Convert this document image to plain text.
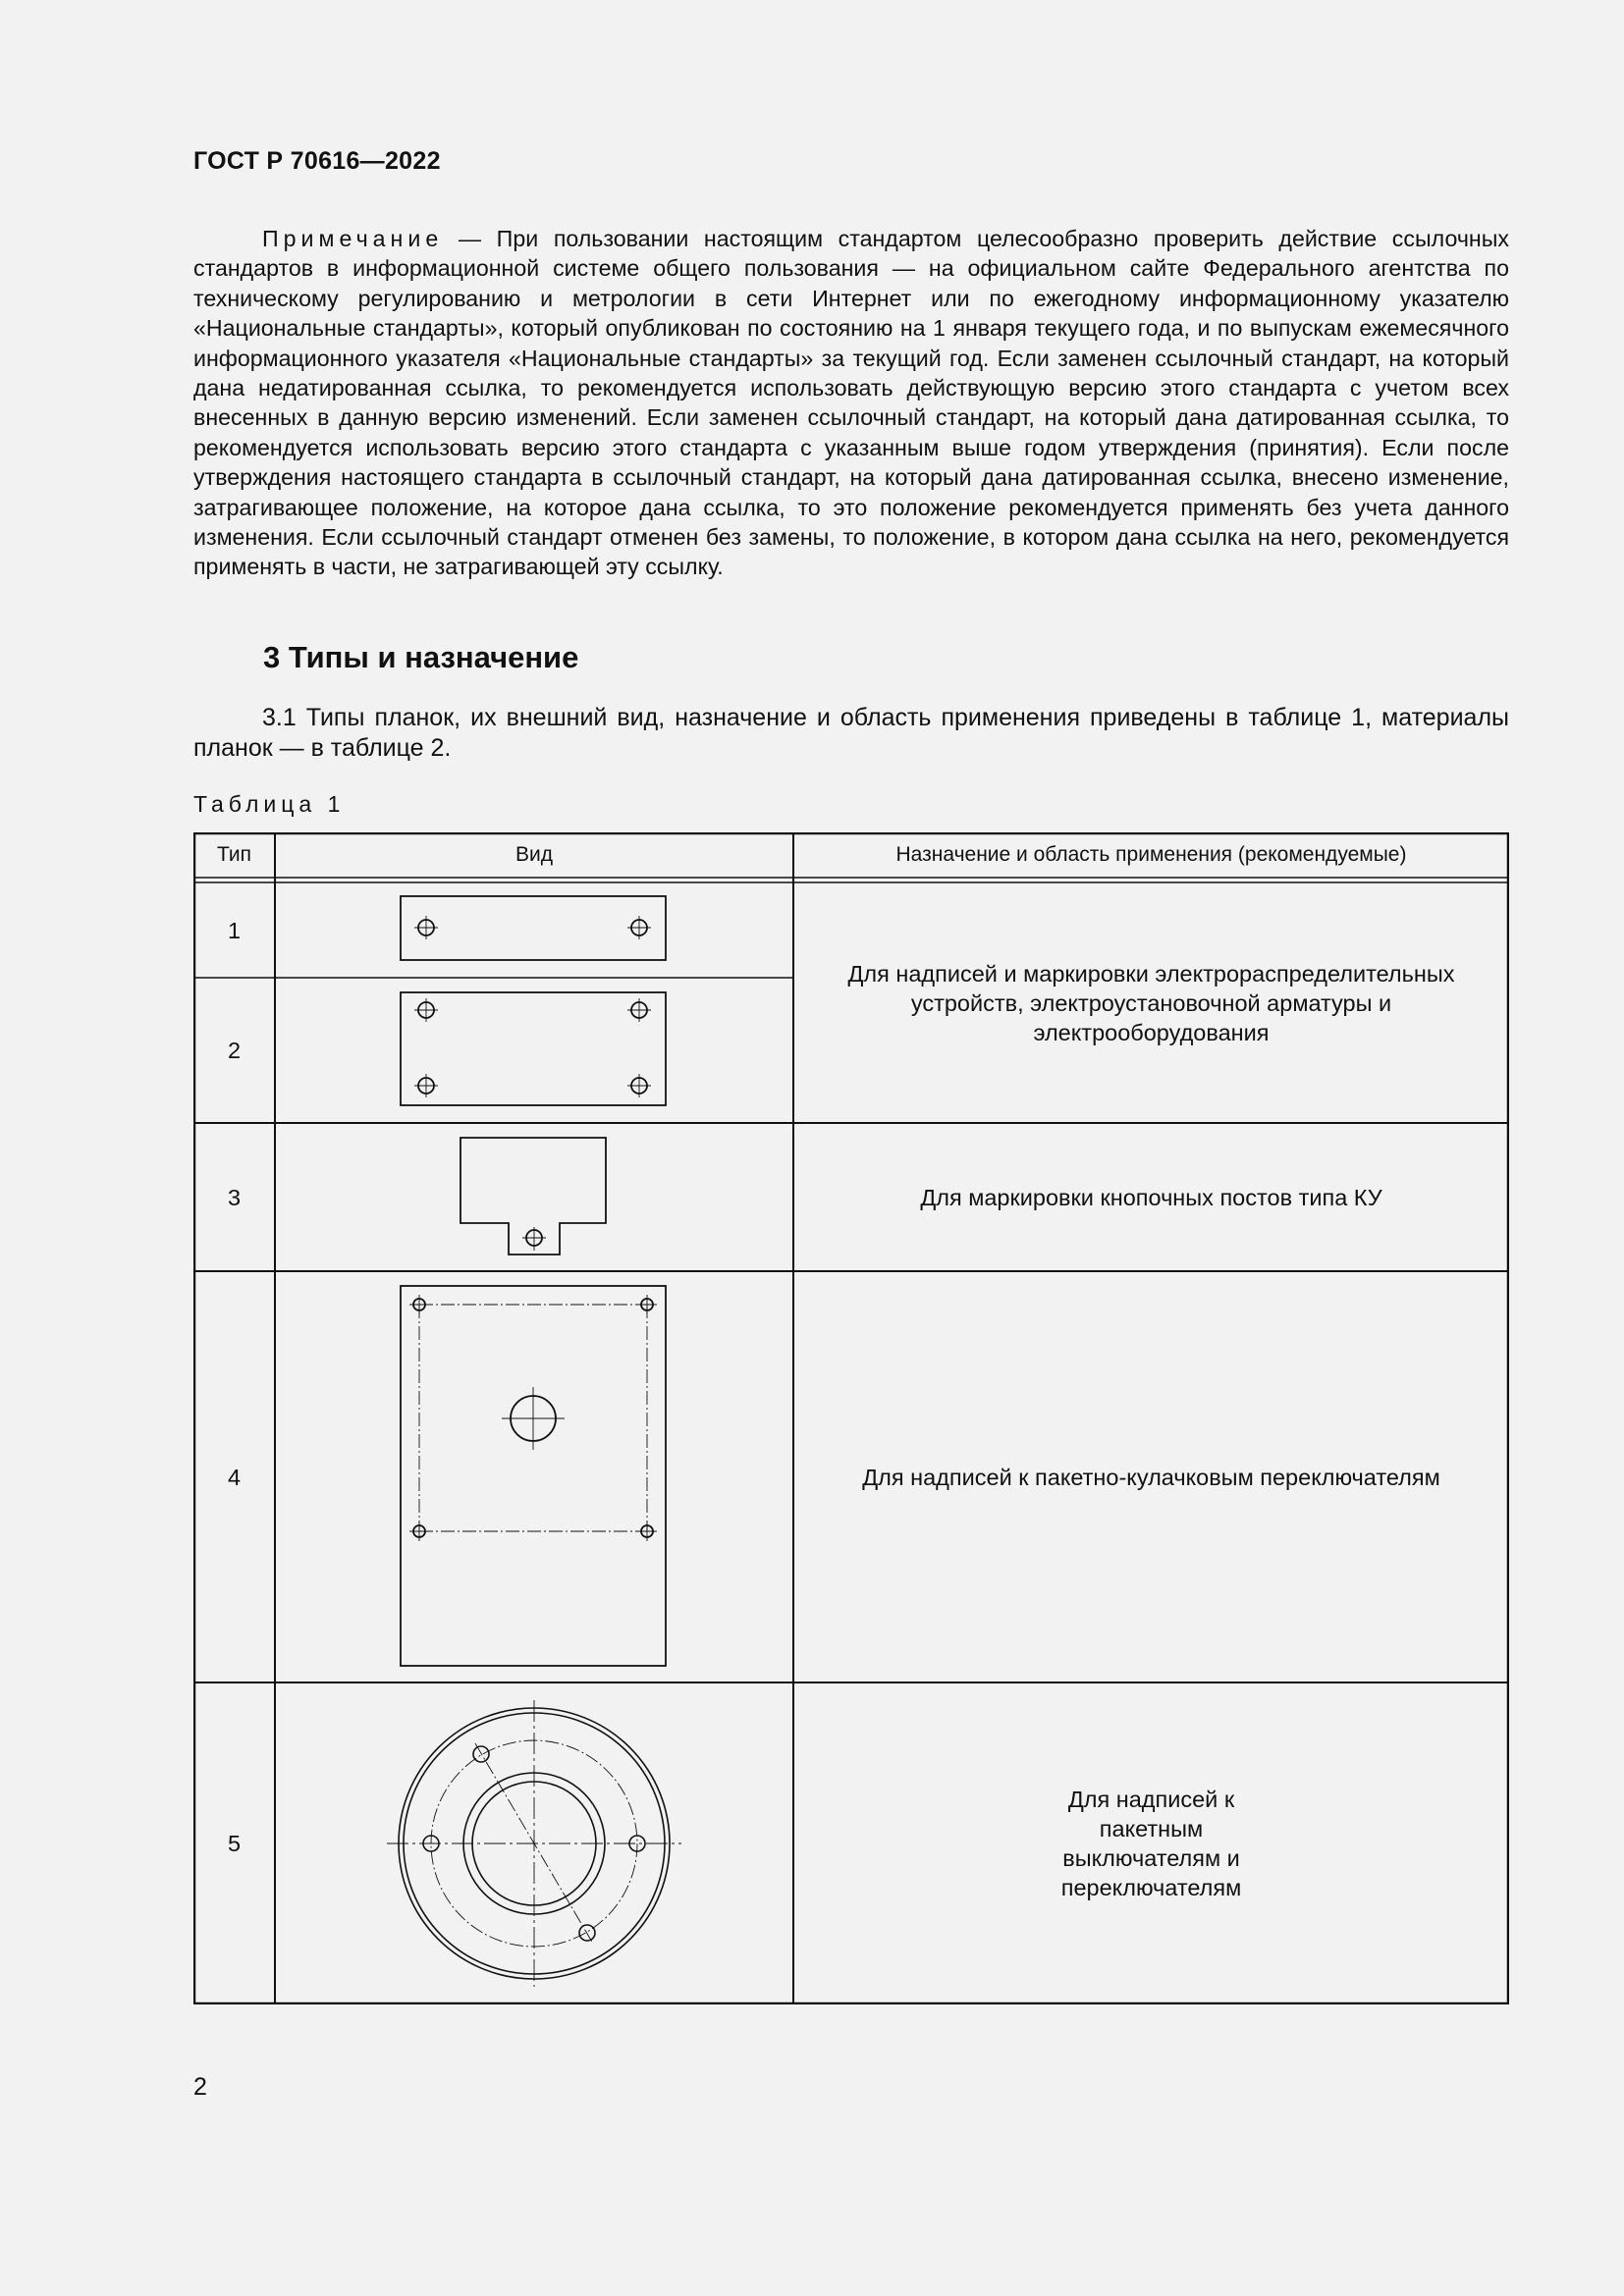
ГОСТ Р 70616—2022
Примечание — При пользовании настоящим стандартом целесообразно проверить действие ссылочных стандартов в информационной системе общего пользования — на официальном сайте Федерального агентства по техническому регулированию и метрологии в сети Интернет или по ежегодному информационному указателю «Национальные стандарты», который опубликован по состоянию на 1 января текущего года, и по выпускам ежемесячного информационного указателя «Национальные стандарты» за текущий год. Если заменен ссылочный стандарт, на который дана недатированная ссылка, то рекомендуется использовать действующую версию этого стандарта с учетом всех внесенных в данную версию изменений. Если заменен ссылочный стандарт, на который дана датированная ссылка, то рекомендуется использовать версию этого стандарта с указанным выше годом утверждения (принятия). Если после утверждения настоящего стандарта в ссылочный стандарт, на который дана датированная ссылка, внесено изменение, затрагивающее положение, на которое дана ссылка, то это положение рекомендуется применять без учета данного изменения. Если ссылочный стандарт отменен без замены, то положение, в котором дана ссылка на него, рекомендуется применять в части, не затрагивающей эту ссылку.
3 Типы и назначение
3.1 Типы планок, их внешний вид, назначение и область применения приведены в таблице 1, материалы планок — в таблице 2.
Таблица 1
Тип	Вид	Назначение и область применения (рекомендуемые)
1
2
3
4
5
Для надписей и маркировки электрораспределительных устройств, электроустановочной арматуры и электрооборудования
Для маркировки кнопочных постов типа КУ
Для надписей к пакетно-кулачковым переключателям
Для надписей к пакетным выключателям и переключателям
2
